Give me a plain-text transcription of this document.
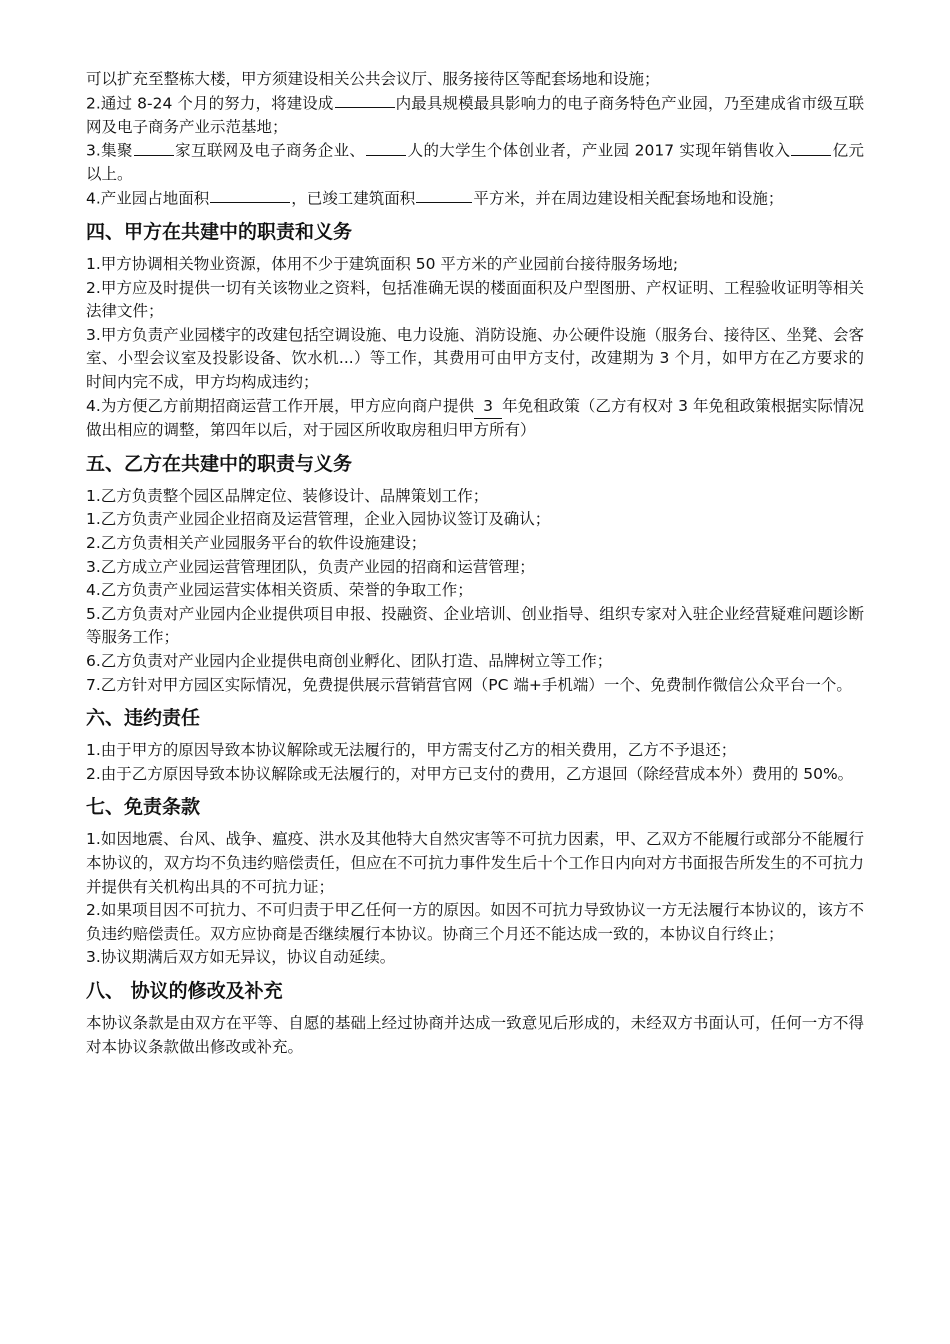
可以扩充至整栋大楼，甲方须建设相关公共会议厅、服务接待区等配套场地和设施；

2.通过 8-24 个月的努力，将建设成	内最具规模最具影响力的电子商务特色产业园，乃至建成省市级互联网及电子商务产业示范基地；

3.集聚	家互联网及电子商务企业、	人的大学生个体创业者，产业园 2017 实现年销售收入	亿元以上。

4.产业园占地面积	，已竣工建筑面积	平方米，并在周边建设相关配套场地和设施；

四、甲方在共建中的职责和义务

1.甲方协调相关物业资源，体用不少于建筑面积 50 平方米的产业园前台接待服务场地;

2.甲方应及时提供一切有关该物业之资料，包括准确无误的楼面面积及户型图册、产权证明、工程验收证明等相关法律文件；

3.甲方负责产业园楼宇的改建包括空调设施、电力设施、消防设施、办公硬件设施（服务台、接待区、坐凳、会客室、小型会议室及投影设备、饮水机...）等工作，其费用可由甲方支付，改建期为 3 个月，如甲方在乙方要求的时间内完不成，甲方均构成违约；

4.为方便乙方前期招商运营工作开展，甲方应向商户提供 3 年免租政策（乙方有权对 3 年免租政策根据实际情况做出相应的调整，第四年以后，对于园区所收取房租归甲方所有）

五、乙方在共建中的职责与义务

1.乙方负责整个园区品牌定位、装修设计、品牌策划工作；

1.乙方负责产业园企业招商及运营管理，企业入园协议签订及确认；

2.乙方负责相关产业园服务平台的软件设施建设；

3.乙方成立产业园运营管理团队，负责产业园的招商和运营管理；

4.乙方负责产业园运营实体相关资质、荣誉的争取工作；

5.乙方负责对产业园内企业提供项目申报、投融资、企业培训、创业指导、组织专家对入驻企业经营疑难问题诊断等服务工作；

6.乙方负责对产业园内企业提供电商创业孵化、团队打造、品牌树立等工作；

7.乙方针对甲方园区实际情况，免费提供展示营销营官网（PC 端+手机端）一个、免费制作微信公众平台一个。

六、违约责任

1.由于甲方的原因导致本协议解除或无法履行的，甲方需支付乙方的相关费用，乙方不予退还；

2.由于乙方原因导致本协议解除或无法履行的，对甲方已支付的费用，乙方退回（除经营成本外）费用的 50%。

七、免责条款

1.如因地震、台风、战争、瘟疫、洪水及其他特大自然灾害等不可抗力因素，甲、乙双方不能履行或部分不能履行本协议的，双方均不负违约赔偿责任，但应在不可抗力事件发生后十个工作日内向对方书面报告所发生的不可抗力并提供有关机构出具的不可抗力证；

2.如果项目因不可抗力、不可归责于甲乙任何一方的原因。如因不可抗力导致协议一方无法履行本协议的，该方不负违约赔偿责任。双方应协商是否继续履行本协议。协商三个月还不能达成一致的，本协议自行终止；

3.协议期满后双方如无异议，协议自动延续。

八、 协议的修改及补充

本协议条款是由双方在平等、自愿的基础上经过协商并达成一致意见后形成的，未经双方书面认可，任何一方不得对本协议条款做出修改或补充。
